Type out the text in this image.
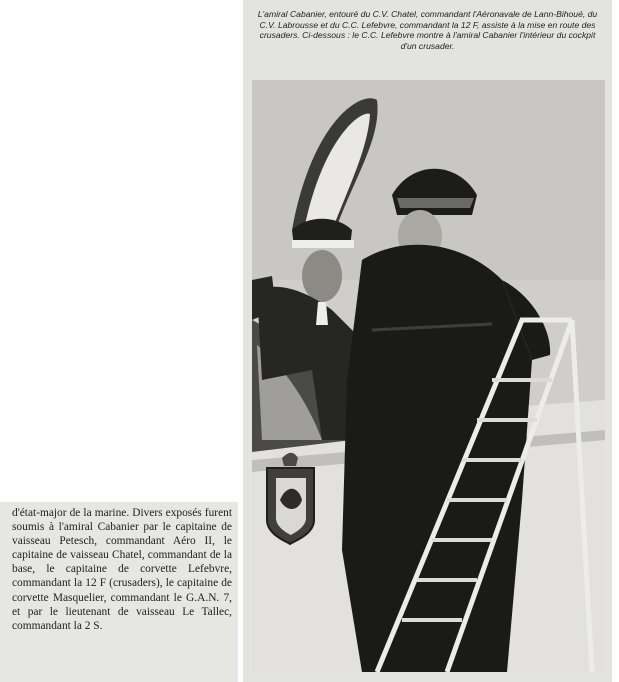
d'état-major de la marine. Divers exposés furent soumis à l'amiral Cabanier par le capitaine de vaisseau Petesch, commandant Aéro II, le capitaine de vaisseau Chatel, commandant de la base, le capitaine de corvette Lefebvre, commandant la 12 F (crusaders), le capitaine de corvette Masquelier, commandant le G.A.N. 7, et par le lieutenant de vaisseau Le Tallec, commandant la 2 S.

L'amiral Cabanier, entouré du C.V. Chatel, commandant l'Aéronavale de Lann-Bihoué, du C.V. Labrousse et du C.C. Lefebvre, commandant la 12 F, assiste à la mise en route des crusaders. Ci-dessous : le C.C. Lefebvre montre à l'amiral Cabanier l'intérieur du cockpit d'un crusader.
